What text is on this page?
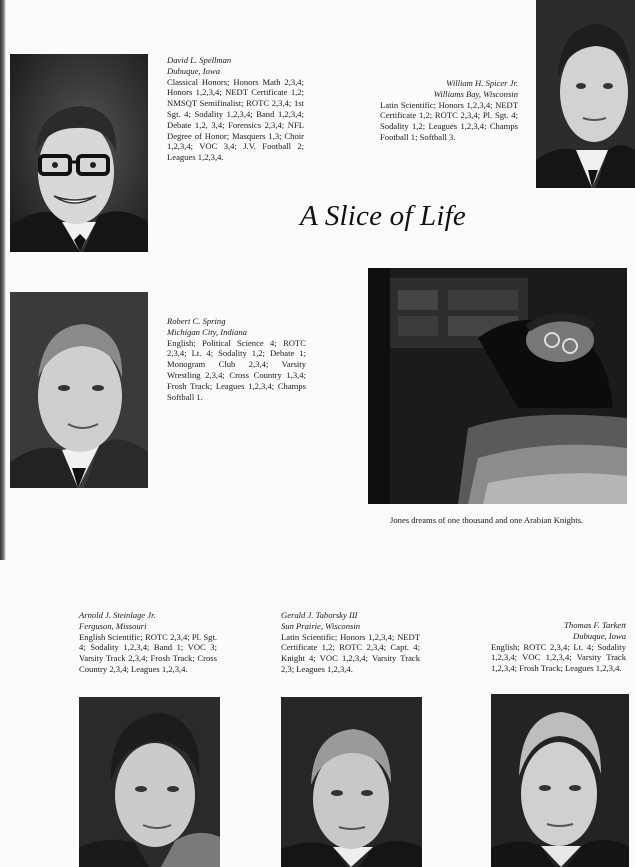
David L. Spellman
Dubuque, Iowa
Classical Honors; Honors Math 2,3,4; Honors 1,2,3,4; NEDT Certificate 1,2; NMSQT Semifinalist; ROTC 2,3,4; 1st Sgt. 4; Sodality 1,2,3,4; Band 1,2,3,4; Debate 1,2, 3,4; Forensics 2,3,4; NFL Degree of Honor; Masquers 1,3; Choir 1,2,3,4; VOC 3,4; J.V. Football 2; Leagues 1,2,3,4.
William H. Spicer Jr.
Williams Bay, Wisconsin
Latin Scientific; Honors 1,2,3,4; NEDT Certificate 1,2; ROTC 2,3,4; Pl. Sgt. 4; Sodality 1,2; Leagues 1,2,3,4; Champs Football 1; Softball 3.
A Slice of Life
Robert C. Spring
Michigan City, Indiana
English; Political Science 4; ROTC 2,3,4; Lt. 4; Sodality 1,2; Debate 1; Monogram Club 2,3,4; Varsity Wrestling 2,3,4; Cross Country 1,3,4; Frosh Track; Leagues 1,2,3,4; Champs Softball 1.
Jones dreams of one thousand and one Arabian Knights.
Arnold J. Steinlage Jr.
Ferguson, Missouri
English Scientific; ROTC 2,3,4; Pl. Sgt. 4; Sodality 1,2,3,4; Band 1; VOC 3; Varsity Track 2,3,4; Frosh Track; Cross Country 2,3,4; Leagues 1,2,3,4.
Gerald J. Taborsky III
Sun Prairie, Wisconsin
Latin Scientific; Honors 1,2,3,4; NEDT Certificate 1,2; ROTC 2,3,4; Capt. 4; Knight 4; VOC 1,2,3,4; Varsity Track 2,3; Leagues 1,2,3,4.
Thomas F. Tarkett
Dubuque, Iowa
English; ROTC 2,3,4; Lt. 4; Sodality 1,2,3,4; VOC 1,2,3,4; Varsity Track 1,2,3,4; Frosh Track; Leagues 1,2,3,4.
